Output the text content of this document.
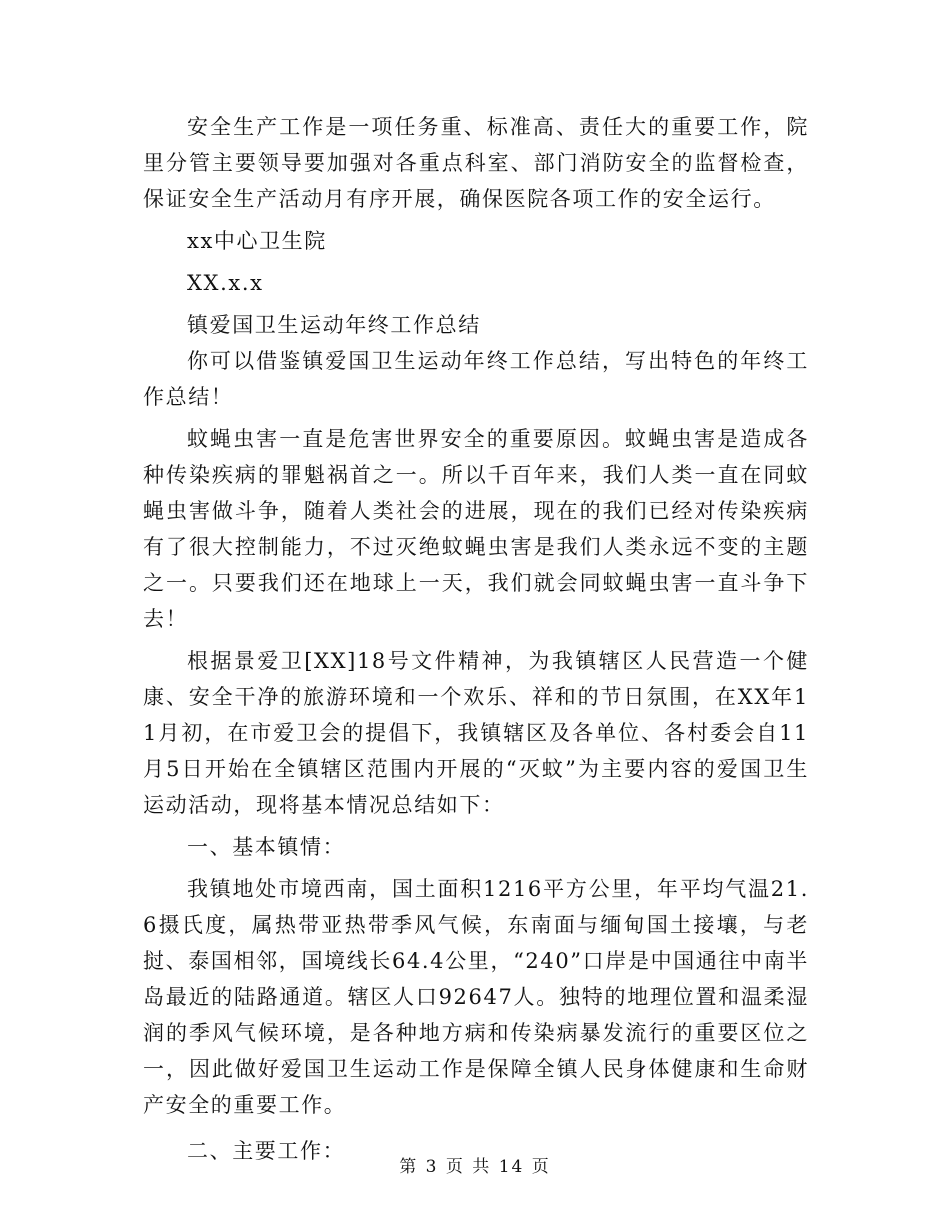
安全生产工作是一项任务重、标准高、责任大的重要工作，院里分管主要领导要加强对各重点科室、部门消防安全的监督检查，保证安全生产活动月有序开展，确保医院各项工作的安全运行。

xx中心卫生院

XX.x.x

镇爱国卫生运动年终工作总结

你可以借鉴镇爱国卫生运动年终工作总结，写出特色的年终工作总结！

蚊蝇虫害一直是危害世界安全的重要原因。蚊蝇虫害是造成各种传染疾病的罪魁祸首之一。所以千百年来，我们人类一直在同蚊蝇虫害做斗争，随着人类社会的进展，现在的我们已经对传染疾病有了很大控制能力，不过灭绝蚊蝇虫害是我们人类永远不变的主题之一。只要我们还在地球上一天，我们就会同蚊蝇虫害一直斗争下去！

根据景爱卫[XX]18号文件精神，为我镇辖区人民营造一个健康、安全干净的旅游环境和一个欢乐、祥和的节日氛围，在XX年11月初，在市爱卫会的提倡下，我镇辖区及各单位、各村委会自11月5日开始在全镇辖区范围内开展的“灭蚊”为主要内容的爱国卫生运动活动，现将基本情况总结如下：

一、基本镇情：

我镇地处市境西南，国土面积1216平方公里，年平均气温21.6摄氏度，属热带亚热带季风气候，东南面与缅甸国土接壤，与老挝、泰国相邻，国境线长64.4公里，“240”口岸是中国通往中南半岛最近的陆路通道。辖区人口92647人。独特的地理位置和温柔湿润的季风气候环境，是各种地方病和传染病暴发流行的重要区位之一，因此做好爱国卫生运动工作是保障全镇人民身体健康和生命财产安全的重要工作。

二、主要工作：

第 3 页 共 14 页
